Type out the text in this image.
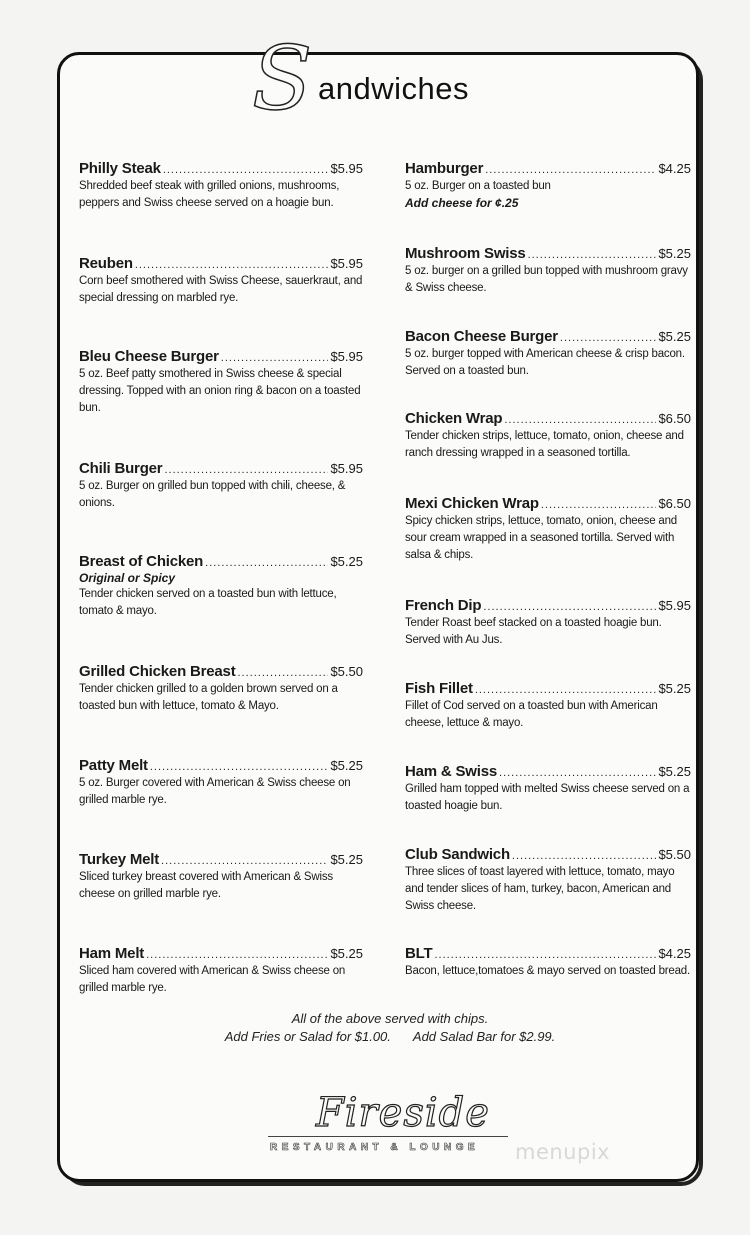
S andwiches
Philly Steak .....	$5.95
Shredded beef steak with grilled onions, mushrooms, peppers and Swiss cheese served on a hoagie bun.
Reuben .....	$5.95
Corn beef smothered with Swiss Cheese, sauerkraut, and special dressing on marbled rye.
Bleu Cheese Burger .....	$5.95
5 oz. Beef patty smothered in Swiss cheese & special dressing. Topped with an onion ring & bacon on a toasted bun.
Chili Burger .....	$5.95
5 oz. Burger on grilled bun topped with chili, cheese, & onions.
Breast of Chicken .....	$5.25
Original or Spicy
Tender chicken served on a toasted bun with lettuce, tomato & mayo.
Grilled Chicken Breast .....	$5.50
Tender chicken grilled to a golden brown served on a toasted bun with lettuce, tomato & Mayo.
Patty Melt .....	$5.25
5 oz. Burger covered with American & Swiss cheese on grilled marble rye.
Turkey Melt .....	$5.25
Sliced turkey breast covered with American & Swiss cheese on grilled marble rye.
Ham Melt .....	$5.25
Sliced ham covered with American & Swiss cheese on grilled marble rye.
Hamburger .....	$4.25
5 oz. Burger on a toasted bun
Add cheese for ¢.25
Mushroom Swiss .....	$5.25
5 oz. burger on a grilled bun topped with mushroom gravy & Swiss cheese.
Bacon Cheese Burger .....	$5.25
5 oz. burger topped with American cheese & crisp bacon. Served on a toasted bun.
Chicken Wrap .....	$6.50
Tender chicken strips, lettuce, tomato, onion, cheese and ranch dressing wrapped in a seasoned tortilla.
Mexi Chicken Wrap .....	$6.50
Spicy chicken strips, lettuce, tomato, onion, cheese and sour cream wrapped in a seasoned tortilla. Served with salsa & chips.
French Dip .....	$5.95
Tender Roast beef stacked on a toasted hoagie bun. Served with Au Jus.
Fish Fillet .....	$5.25
Fillet of Cod served on a toasted bun with American cheese, lettuce & mayo.
Ham & Swiss .....	$5.25
Grilled ham topped with melted Swiss cheese served on a toasted hoagie bun.
Club Sandwich .....	$5.50
Three slices of toast layered with lettuce, tomato, mayo and tender slices of ham, turkey, bacon, American and Swiss cheese.
BLT .....	$4.25
Bacon, lettuce,tomatoes & mayo served on toasted bread.
All of the above served with chips.
Add Fries or Salad for $1.00. Add Salad Bar for $2.99.
Fireside
RESTAURANT & LOUNGE menupix
